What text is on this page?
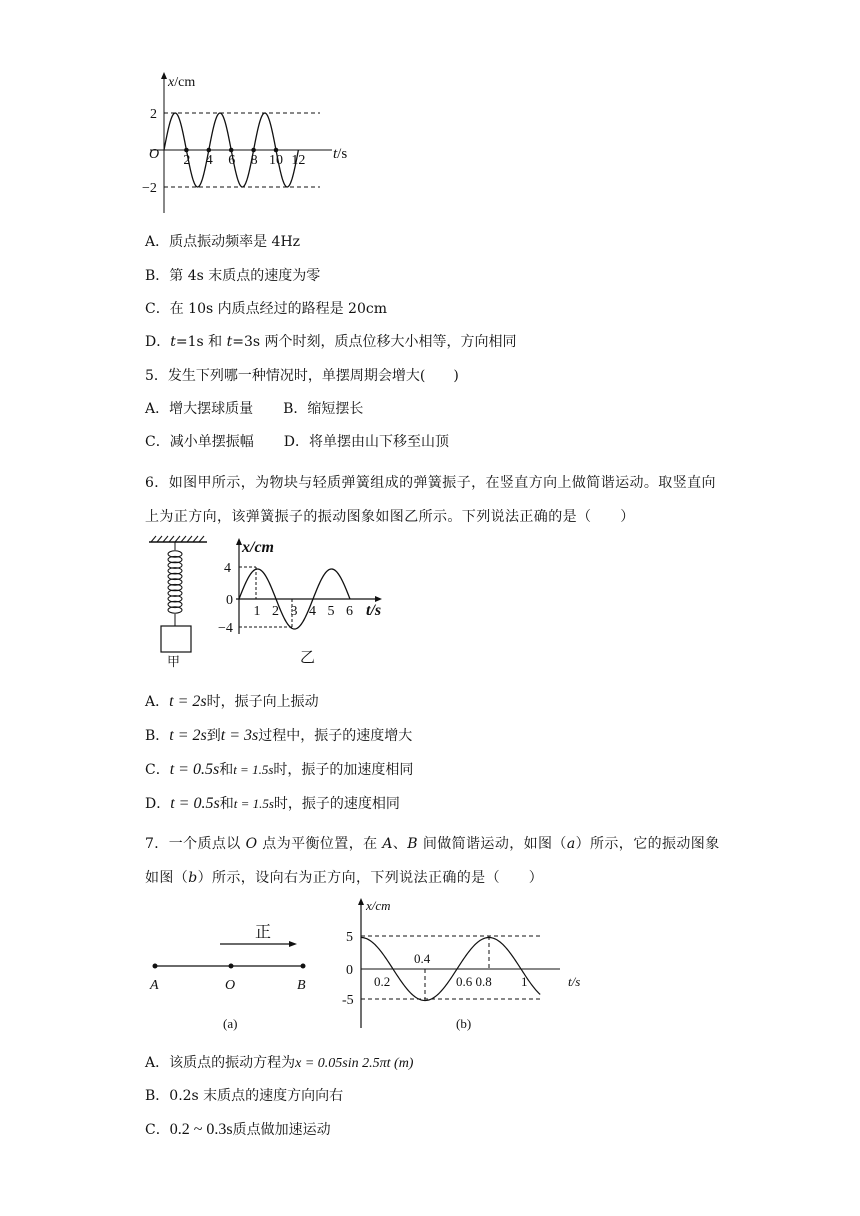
x/cm
2
O
−2
2 4 6 8 10 12 t/s
A．质点振动频率是 4Hz
B．第 4s 末质点的速度为零
C．在 10s 内质点经过的路程是 20cm
D．t=1s 和 t=3s 两个时刻，质点位移大小相等，方向相同
5．发生下列哪一种情况时，单摆周期会增大(　　)
A．增大摆球质量 B．缩短摆长
C．减小单摆振幅 D．将单摆由山下移至山顶
6．如图甲所示，为物块与轻质弹簧组成的弹簧振子，在竖直方向上做简谐运动。取竖直向上为正方向，该弹簧振子的振动图象如图乙所示。下列说法正确的是（　　）
甲
x/cm
4
0
−4
1 2 3 4 5 6 t/s
乙
A．t = 2s时，振子向上振动
B．t = 2s到t = 3s过程中，振子的速度增大
C．t = 0.5s和t = 1.5s时，振子的加速度相同
D．t = 0.5s和t = 1.5s时，振子的速度相同
7．一个质点以 O 点为平衡位置，在 A、B 间做简谐运动，如图（a）所示，它的振动图象如图（b）所示，设向右为正方向，下列说法正确的是（　　）
正
A	O	B
(a)
x/cm
5
0
-5
0.2
0.4
0.6 0.8 1	t/s
(b)
A．该质点的振动方程为x = 0.05sin 2.5πt (m)
B．0.2s 末质点的速度方向向右
C．0.2 ~ 0.3s质点做加速运动
